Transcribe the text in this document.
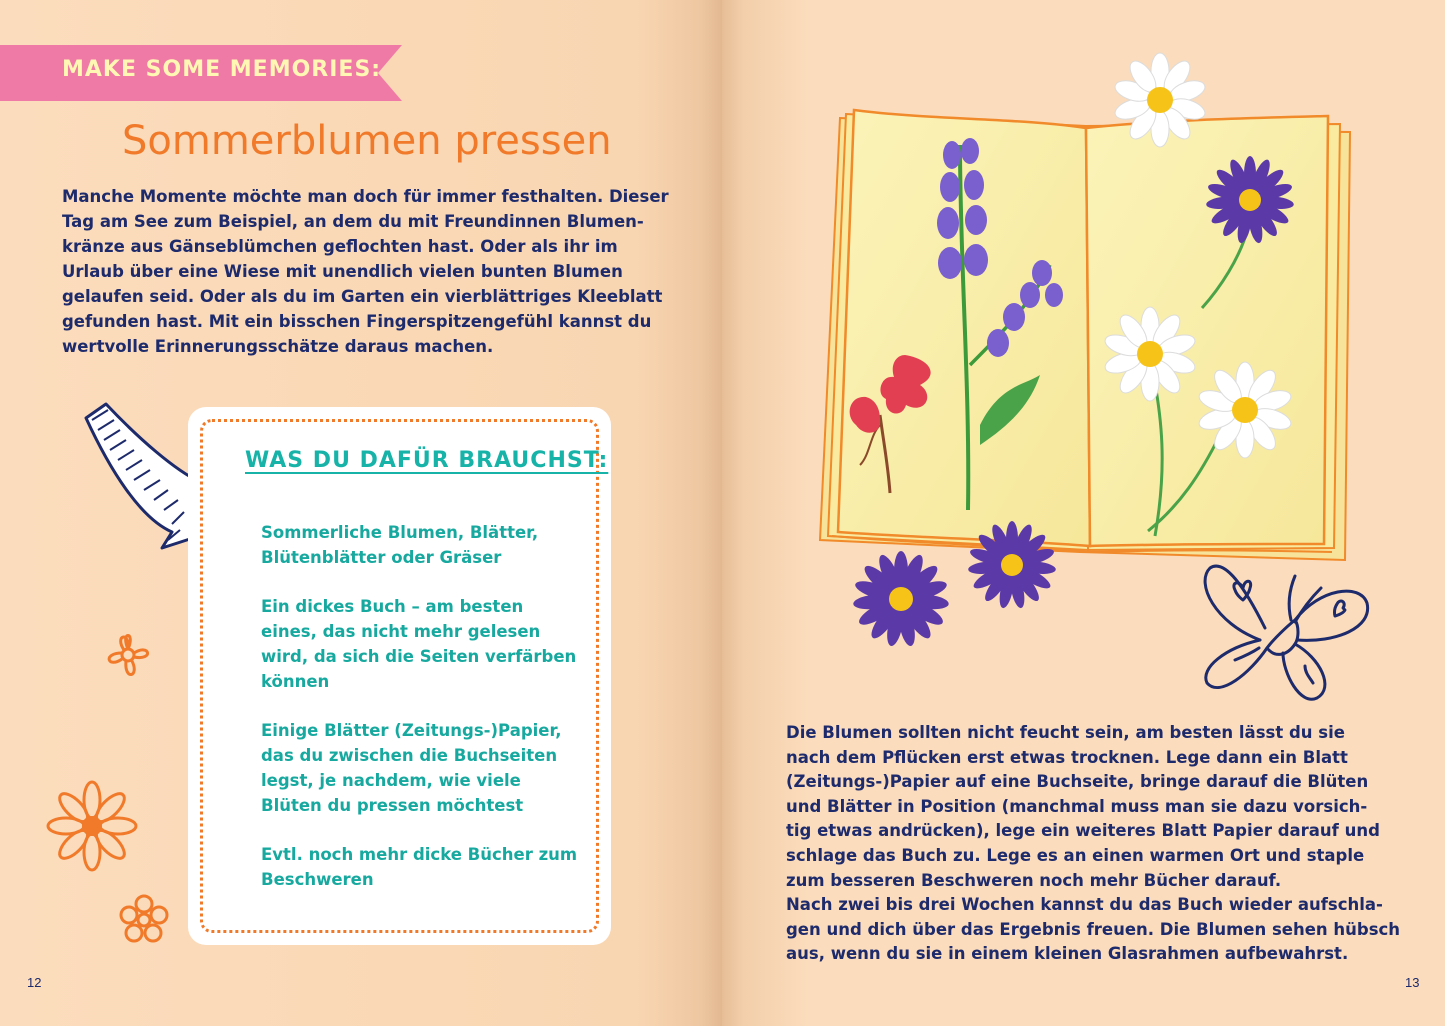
MAKE SOME MEMORIES:
Sommerblumen pressen
Manche Momente möchte man doch für immer festhalten. Dieser
Tag am See zum Beispiel, an dem du mit Freundinnen Blumen-
kränze aus Gänseblümchen geflochten hast. Oder als ihr im
Urlaub über eine Wiese mit unendlich vielen bunten Blumen
gelaufen seid. Oder als du im Garten ein vierblättriges Kleeblatt
gefunden hast. Mit ein bisschen Fingerspitzengefühl kannst du
wertvolle Erinnerungsschätze daraus machen.
WAS DU DAFÜR BRAUCHST:
Sommerliche Blumen, Blätter,
Blütenblätter oder Gräser
Ein dickes Buch – am besten
eines, das nicht mehr gelesen
wird, da sich die Seiten verfärben
können
Einige Blätter (Zeitungs-)Papier,
das du zwischen die Buchseiten
legst, je nachdem, wie viele
Blüten du pressen möchtest
Evtl. noch mehr dicke Bücher zum
Beschweren
12
Die Blumen sollten nicht feucht sein, am besten lässt du sie
nach dem Pflücken erst etwas trocknen. Lege dann ein Blatt
(Zeitungs-)Papier auf eine Buchseite, bringe darauf die Blüten
und Blätter in Position (manchmal muss man sie dazu vorsich-
tig etwas andrücken), lege ein weiteres Blatt Papier darauf und
schlage das Buch zu. Lege es an einen warmen Ort und staple
zum besseren Beschweren noch mehr Bücher darauf.
Nach zwei bis drei Wochen kannst du das Buch wieder aufschla-
gen und dich über das Ergebnis freuen. Die Blumen sehen hübsch
aus, wenn du sie in einem kleinen Glasrahmen aufbewahrst.
13
